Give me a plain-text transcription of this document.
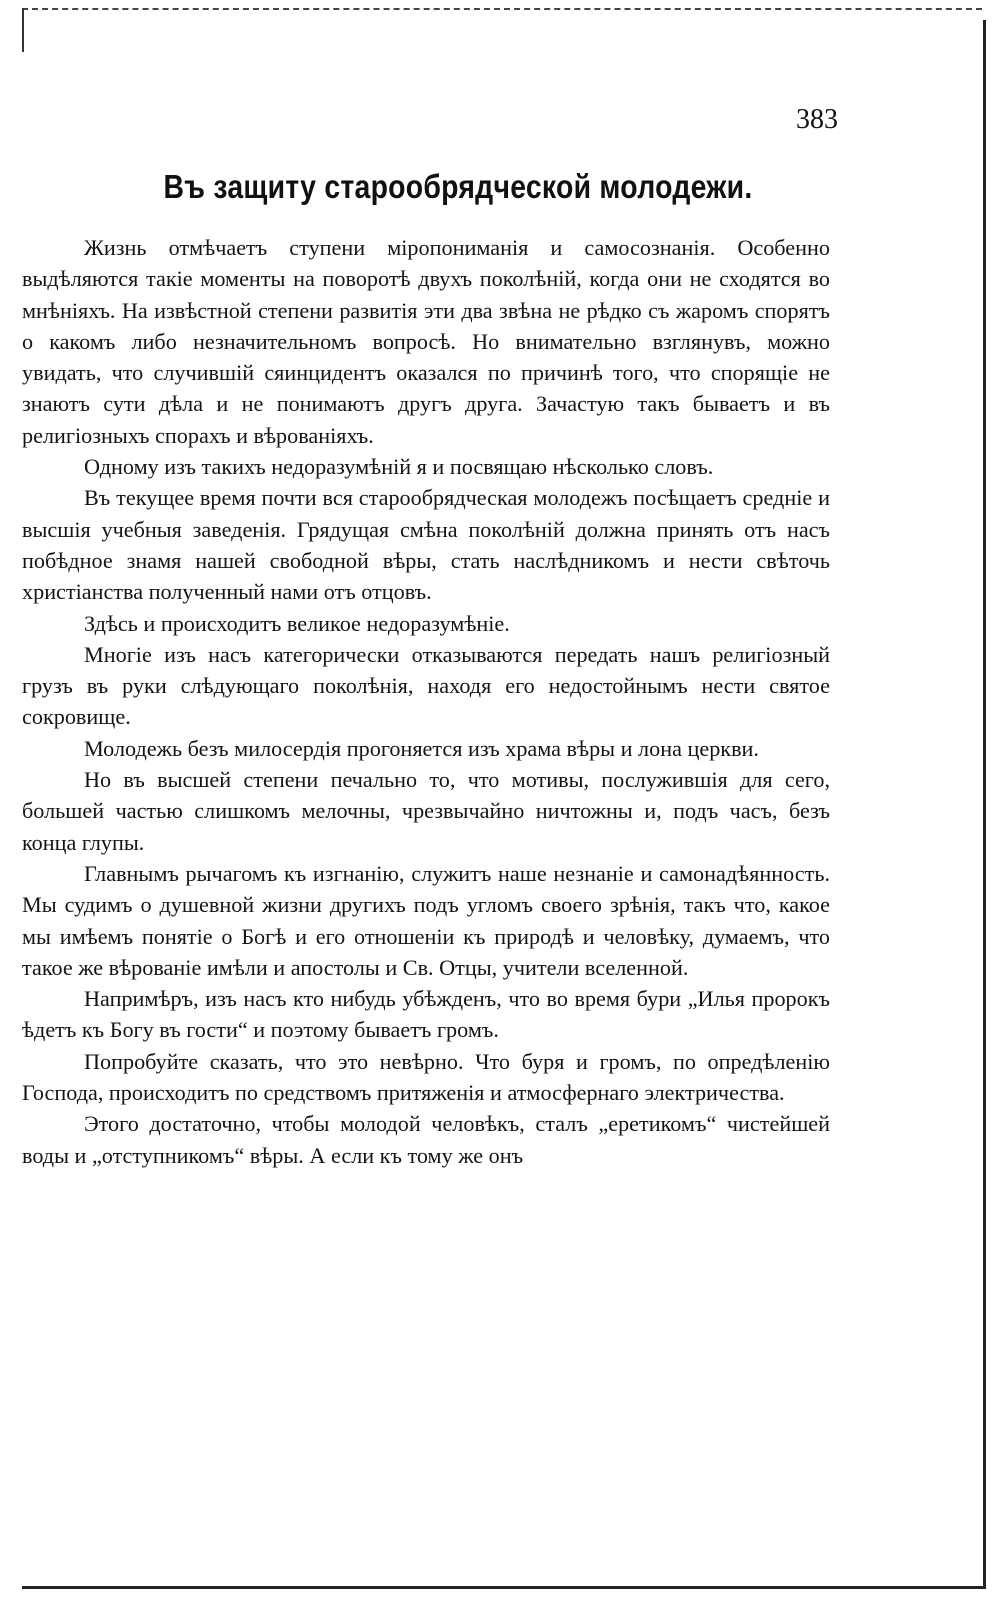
383
Въ защиту старообрядческой молодежи.

Жизнь отмѣчаетъ ступени міропониманія и самосознанія. Особенно выдѣляются такіе моменты на поворотѣ двухъ поколѣній, когда они не сходятся во мнѣніяхъ. На извѣстной степени развитія эти два звѣна не рѣдко съ жаромъ спорятъ о какомъ либо незначительномъ вопросѣ. Но внимательно взглянувъ, можно увидать, что случившій сяинцидентъ оказался по причинѣ того, что спорящіе не знаютъ сути дѣла и не понимаютъ другъ друга. Зачастую такъ бываетъ и въ религіозныхъ спорахъ и вѣрованіяхъ.

Одному изъ такихъ недоразумѣній я и посвящаю нѣсколько словъ.

Въ текущее время почти вся старообрядческая молодежъ посѣщаетъ средніе и высшія учебныя заведенія. Грядущая смѣна поколѣній должна принять отъ насъ побѣдное знамя нашей свободной вѣры, стать наслѣдникомъ и нести свѣточь христіанства полученный нами отъ отцовъ.

Здѣсь и происходитъ великое недоразумѣніе.

Многіе изъ насъ категорически отказываются передать нашъ религіозный грузъ въ руки слѣдующаго поколѣнія, находя его недостойнымъ нести святое сокровище.

Молодежь безъ милосердія прогоняется изъ храма вѣры и лона церкви.

Но въ высшей степени печально то, что мотивы, послужившія для сего, большей частью слишкомъ мелочны, чрезвычайно ничтожны и, подъ часъ, безъ конца глупы.

Главнымъ рычагомъ къ изгнанію, служитъ наше незнаніе и самонадѣянность. Мы судимъ о душевной жизни другихъ подъ угломъ своего зрѣнія, такъ что, какое мы имѣемъ понятіе о Богѣ и его отношеніи къ природѣ и человѣку, думаемъ, что такое же вѣрованіе имѣли и апостолы и Св. Отцы, учители вселенной.

Напримѣръ, изъ насъ кто нибудь убѣжденъ, что во время бури „Илья пророкъ ѣдетъ къ Богу въ гости“ и поэтому бываетъ громъ.

Попробуйте сказать, что это невѣрно. Что буря и громъ, по опредѣленію Господа, происходитъ по средствомъ притяженія и атмосфернаго электричества.

Этого достаточно, чтобы молодой человѣкъ, сталъ „еретикомъ“ чистейшей воды и „отступникомъ“ вѣры. А если къ тому же онъ
